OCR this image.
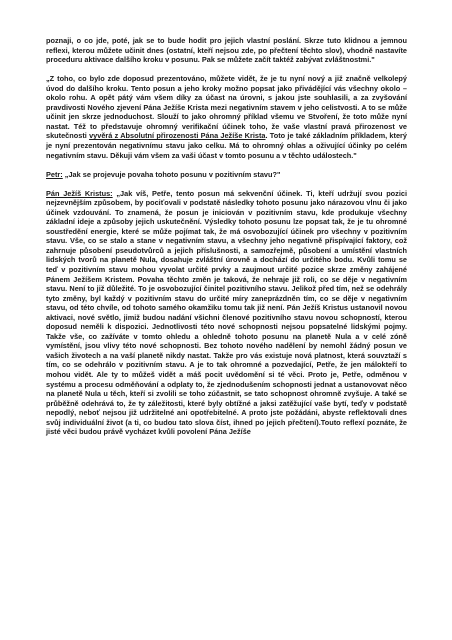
poznaji, o co jde, poté, jak se to bude hodit pro jejich vlastní poslání. Skrze tuto klidnou a jemnou reflexi, kterou můžete učinit dnes (ostatní, kteří nejsou zde, po přečtení těchto slov), vhodně nastavíte proceduru aktivace dalšího kroku v posunu. Pak se můžete začít taktéž zabývat zvláštnostmi."

„Z toho, co bylo zde doposud prezentováno, můžete vidět, že je tu nyní nový a již značně velkolepý úvod do dalšího kroku. Tento posun a jeho kroky možno popsat jako přivádějící vás všechny okolo – okolo rohu. A opět pátý vám všem díky za účast na úrovni, s jakou jste souhlasili, a za zvyšování pravdivosti Nového zjevení Pána Ježíše Krista mezi negativním stavem v jeho celistvosti. A to se může učinit jen skrze jednoduchost. Slouží to jako ohromný příklad všemu ve Stvoření, že toto může nyní nastat. Též to představuje ohromný verifikační účinek toho, že vaše vlastní pravá přirozenost ve skutečnosti vyvěrá z Absolutní přirozenosti Pána Ježíše Krista. Toto je také základním příkladem, který je nyní prezentován negativnímu stavu jako celku. Má to ohromný ohlas a oživující účinky po celém negativním stavu. Děkuji vám všem za vaši účast v tomto posunu a v těchto událostech."

Petr: „Jak se projevuje povaha tohoto posunu v pozitivním stavu?"

Pán Ježíš Kristus: „Jak víš, Petře, tento posun má sekvenční účinek. Ti, kteří udržují svou pozici nejzevnějším způsobem, by pociťovali v podstatě následky tohoto posunu jako nárazovou vlnu či jako účinek vzdouvání. To znamená, že posun je iniciován v pozitivním stavu, kde produkuje všechny základní ideje a způsoby jejich uskutečnění. Výsledky tohoto posunu lze popsat tak, že je tu ohromné soustředění energie, které se může pojímat tak, že má osvobozující účinek pro všechny v pozitivním stavu. Vše, co se stalo a stane v negativním stavu, a všechny jeho negativně přispívající faktory, což zahrnuje působení pseudotvůrců a jejich příslušnosti, a samozřejmě, působení a umístění vlastních lidských tvorů na planetě Nula, dosahuje zvláštní úrovně a dochází do určitého bodu. Kvůli tomu se teď v pozitivním stavu mohou vyvolat určité prvky a zaujmout určité pozice skrze změny zahájené Pánem Ježíšem Kristem. Povaha těchto změn je taková, že nehraje již roli, co se děje v negativním stavu. Není to již důležité. To je osvobozující činitel pozitivního stavu. Jelikož před tím, než se odehrály tyto změny, byl každý v pozitivním stavu do určité míry zaneprázdněn tím, co se děje v negativním stavu, od této chvíle, od tohoto samého okamžiku tomu tak již není. Pán Ježíš Kristus ustanovil novou aktivaci, nové světlo, jimiž budou nadání všichni členové pozitivního stavu novou schopností, kterou doposud neměli k dispozici. Jednotlivosti této nové schopnosti nejsou popsatelné lidskými pojmy. Takže vše, co zažíváte v tomto ohledu a ohledně tohoto posunu na planetě Nula a v celé zóně vymístění, jsou vlivy této nové schopnosti. Bez tohoto nového nadělení by nemohl žádný posun ve vašich životech a na vaší planetě nikdy nastat. Takže pro vás existuje nová platnost, která souvztaží s tím, co se odehrálo v pozitivním stavu. A je to tak ohromné a pozvedající, Petře, že jen málokteří to mohou vidět. Ale ty to můžeš vidět a máš pocit uvědomění si té věci. Proto je, Petře, odměnou v systému a procesu odměňování a odplaty to, že zjednodušením schopnosti jednat a ustanovovat něco na planetě Nula u těch, kteří si zvolili se toho zúčastnit, se tato schopnost ohromně zvyšuje. A také se průběžně odehrává to, že ty záležitosti, které byly obtížné a jaksi zatěžující vaše bytí, teďy v podstatě nepodlý, neboť nejsou již udržitelné ani opotřebitelné. A proto jste požádáni, abyste reflektovali dnes svůj individuální život (a ti, co budou tato slova číst, ihned po jejich přečtení).Touto reflexí poznáte, že jisté věci budou právě vycházet kvůli povolení Pána Ježíše
